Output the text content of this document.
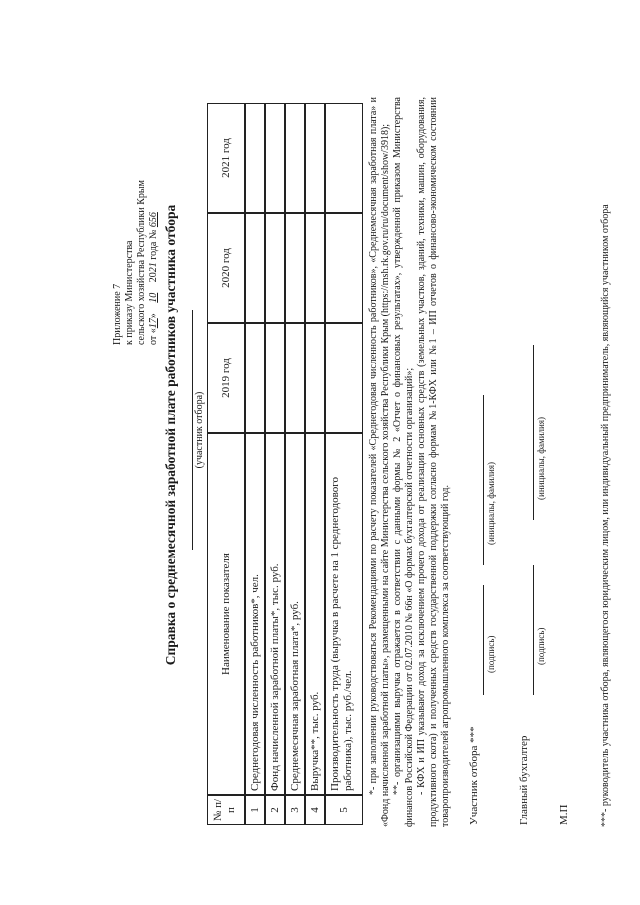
Приложение 7 к приказу Министерства сельского хозяйства Республики Крым от «17» 10 2021 года № 656 Справка о среднемесячной заработной плате работников участника отбора (участник отбора)
№ п/п
Наименование показателя
2019 год
2020 год
2021 год
1
Среднегодовая численность работников*, чел.
2
Фонд начисленной заработной платы*, тыс. руб.
3
Среднемесячная заработная плата*, руб.
4
Выручка**, тыс. руб.
5
Производительность труда (выручка в расчете на 1 среднегодового работника), тыс. руб./чел.	*- при заполнении руководствоваться Рекомендациями по расчету показателей «Среднегодовая численность работников», «Среднемесячная заработная плата» и «Фонд начисленной заработной платы», размещенными на сайте Министерства сельского хозяйства Республики Крым (https://msh.rk.gov.ru/ru/document/show/3918); **- организациями выручка отражается в соответствии с данными формы № 2 «Отчет о финансовых результатах», утвержденной приказом Министерства финансов Российской Федерации от 02.07.2010 № 66н «О формах бухгалтерской отчетности организаций»; - КФХ и ИП указывают доход за исключением прочего дохода от реализации основных средств (земельных участков, зданий, техники, машин, оборудования, продуктивного скота) и полученных средств государственной поддержки согласно формам №1-КФХ или №1 – ИП отчетов о финансово-экономическом состоянии товаропроизводителей агропромышленного комплекса за соответствующий год. Участник отбора ***
(подпись)
(инициалы, фамилия)
Главный бухгалтер
(подпись)
(инициалы, фамилия)
М.П	***- руководитель участника отбора, являющегося юридическим лицом, или индивидуальный предприниматель, являющийся участником отбора
